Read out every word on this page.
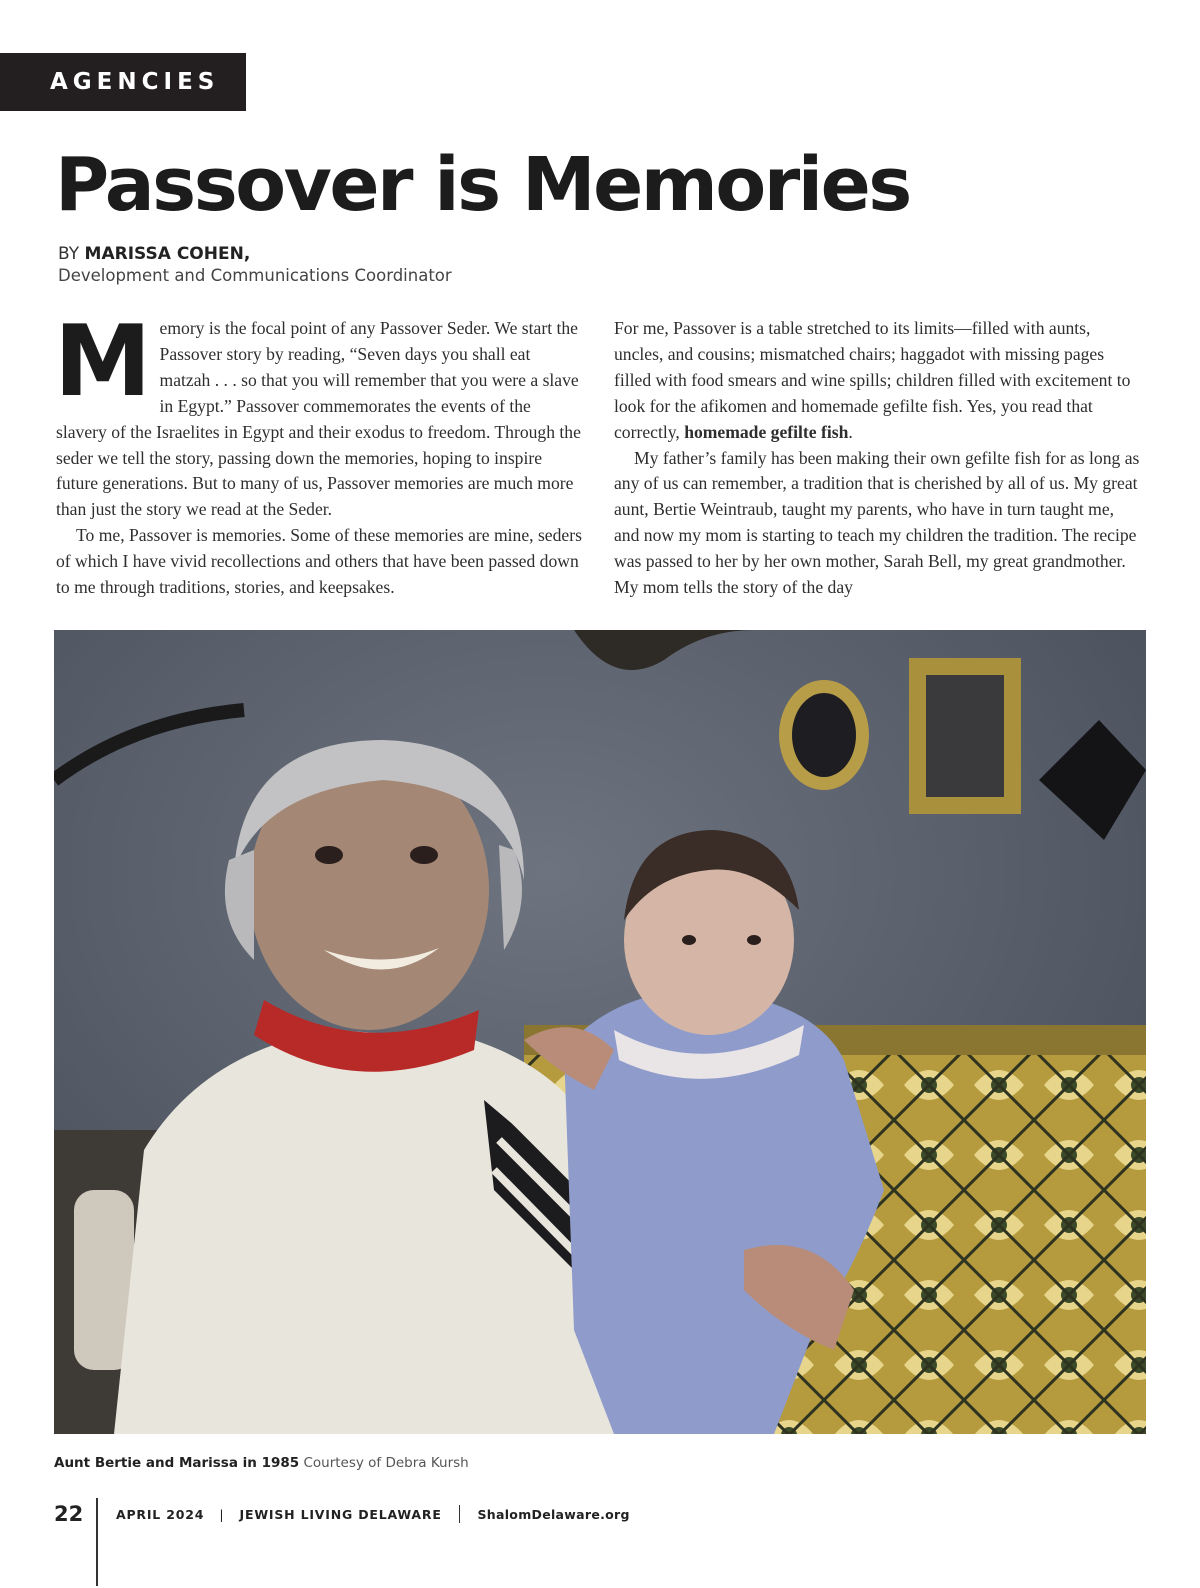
AGENCIES
Passover is Memories
BY MARISSA COHEN,
Development and Communications Coordinator

Memory is the focal point of any Passover Seder. We start the Passover story by reading, “Seven days you shall eat matzah . . . so that you will remember that you were a slave in Egypt.” Passover commemorates the events of the slavery of the Israelites in Egypt and their exodus to freedom. Through the seder we tell the story, passing down the memories, hoping to inspire future generations. But to many of us, Passover memories are much more than just the story we read at the Seder.

To me, Passover is memories. Some of these memories are mine, seders of which I have vivid recollections and others that have been passed down to me through traditions, stories, and keepsakes.

For me, Passover is a table stretched to its limits—filled with aunts, uncles, and cousins; mismatched chairs; haggadot with missing pages filled with food smears and wine spills; children filled with excitement to look for the afikomen and homemade gefilte fish. Yes, you read that correctly, homemade gefilte fish.

My father’s family has been making their own gefilte fish for as long as any of us can remember, a tradition that is cherished by all of us. My great aunt, Bertie Weintraub, taught my parents, who have in turn taught me, and now my mom is starting to teach my children the tradition. The recipe was passed to her by her own mother, Sarah Bell, my great grandmother. My mom tells the story of the day

Aunt Bertie and Marissa in 1985 Courtesy of Debra Kursh
22	APRIL 2024 | JEWISH LIVING DELAWARE	ShalomDelaware.org
